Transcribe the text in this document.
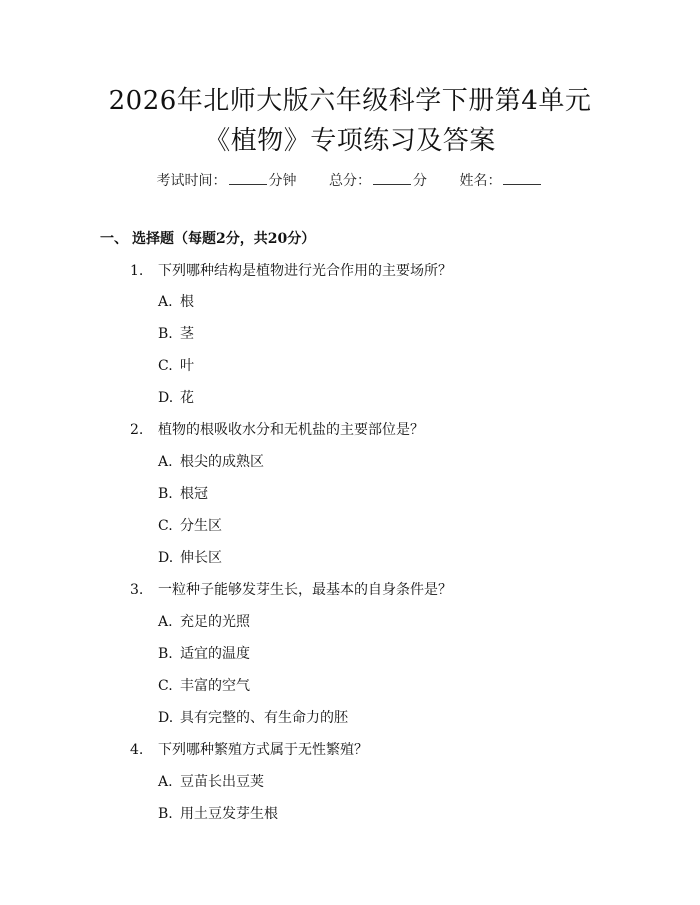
2026年北师大版六年级科学下册第4单元
《植物》专项练习及答案
考试时间：	分钟 总分：	分 姓名：
一、 选择题（每题2分，共20分）
1. 下列哪种结构是植物进行光合作用的主要场所？
A. 根
B. 茎
C. 叶
D. 花
2. 植物的根吸收水分和无机盐的主要部位是？
A. 根尖的成熟区
B. 根冠
C. 分生区
D. 伸长区
3. 一粒种子能够发芽生长，最基本的自身条件是？
A. 充足的光照
B. 适宜的温度
C. 丰富的空气
D. 具有完整的、有生命力的胚
4. 下列哪种繁殖方式属于无性繁殖？
A. 豆苗长出豆荚
B. 用土豆发芽生根
